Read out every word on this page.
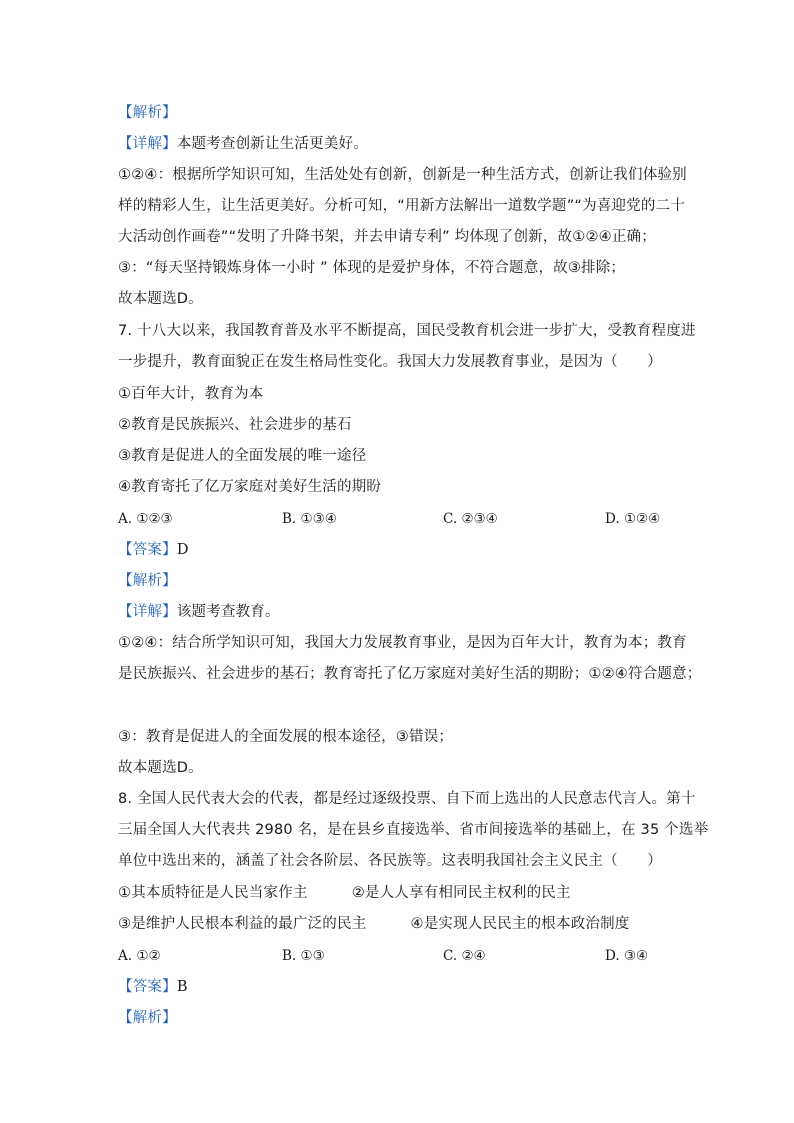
【解析】
【详解】本题考查创新让生活更美好。
①②④：根据所学知识可知，生活处处有创新，创新是一种生活方式，创新让我们体验别
样的精彩人生，让生活更美好。分析可知，“用新方法解出一道数学题”“为喜迎党的二十
大活动创作画卷”“发明了升降书架，并去申请专利” 均体现了创新，故①②④正确；
③：“每天坚持锻炼身体一小时 ” 体现的是爱护身体，不符合题意，故③排除；
故本题选D。
7. 十八大以来，我国教育普及水平不断提高，国民受教育机会进一步扩大，受教育程度进
一步提升，教育面貌正在发生格局性变化。我国大力发展教育事业，是因为（　　）
①百年大计，教育为本
②教育是民族振兴、社会进步的基石
③教育是促进人的全面发展的唯一途径
④教育寄托了亿万家庭对美好生活的期盼
A. ①②③	B. ①③④	C. ②③④	D. ①②④
【答案】D
【解析】
【详解】该题考查教育。
①②④：结合所学知识可知，我国大力发展教育事业，是因为百年大计，教育为本；教育
是民族振兴、社会进步的基石；教育寄托了亿万家庭对美好生活的期盼；①②④符合题意；
③：教育是促进人的全面发展的根本途径，③错误；
故本题选D。
8. 全国人民代表大会的代表，都是经过逐级投票、自下而上选出的人民意志代言人。第十
三届全国人大代表共 2980 名，是在县乡直接选举、省市间接选举的基础上，在 35 个选举
单位中选出来的，涵盖了社会各阶层、各民族等。这表明我国社会主义民主（　　）
①其本质特征是人民当家作主　　　②是人人享有相同民主权利的民主
③是维护人民根本利益的最广泛的民主　　　④是实现人民民主的根本政治制度
A. ①②	B. ①③	C. ②④	D. ③④
【答案】B
【解析】
